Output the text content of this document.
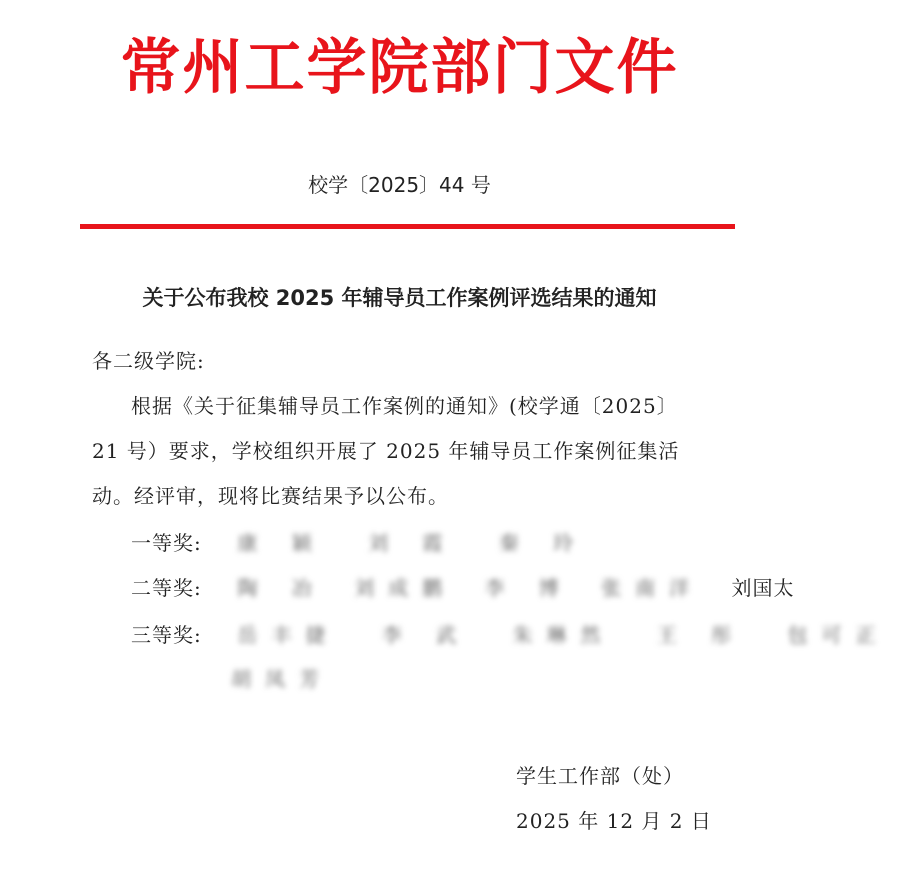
常州工学院部门文件
校学〔2025〕44 号
关于公布我校 2025 年辅导员工作案例评选结果的通知
各二级学院:
根据《关于征集辅导员工作案例的通知》(校学通〔2025〕
21 号）要求，学校组织开展了 2025 年辅导员工作案例征集活
动。经评审，现将比赛结果予以公布。
一等奖: 康 颖 刘 霞 秦 玲
二等奖: 陶 冶 刘成鹏 李 博 张南洋 刘国太
三等奖: 岳丰捷 李 武 朱琳然 王 彤 包可正
胡凤芳
学生工作部（处）
2025 年 12 月 2 日
